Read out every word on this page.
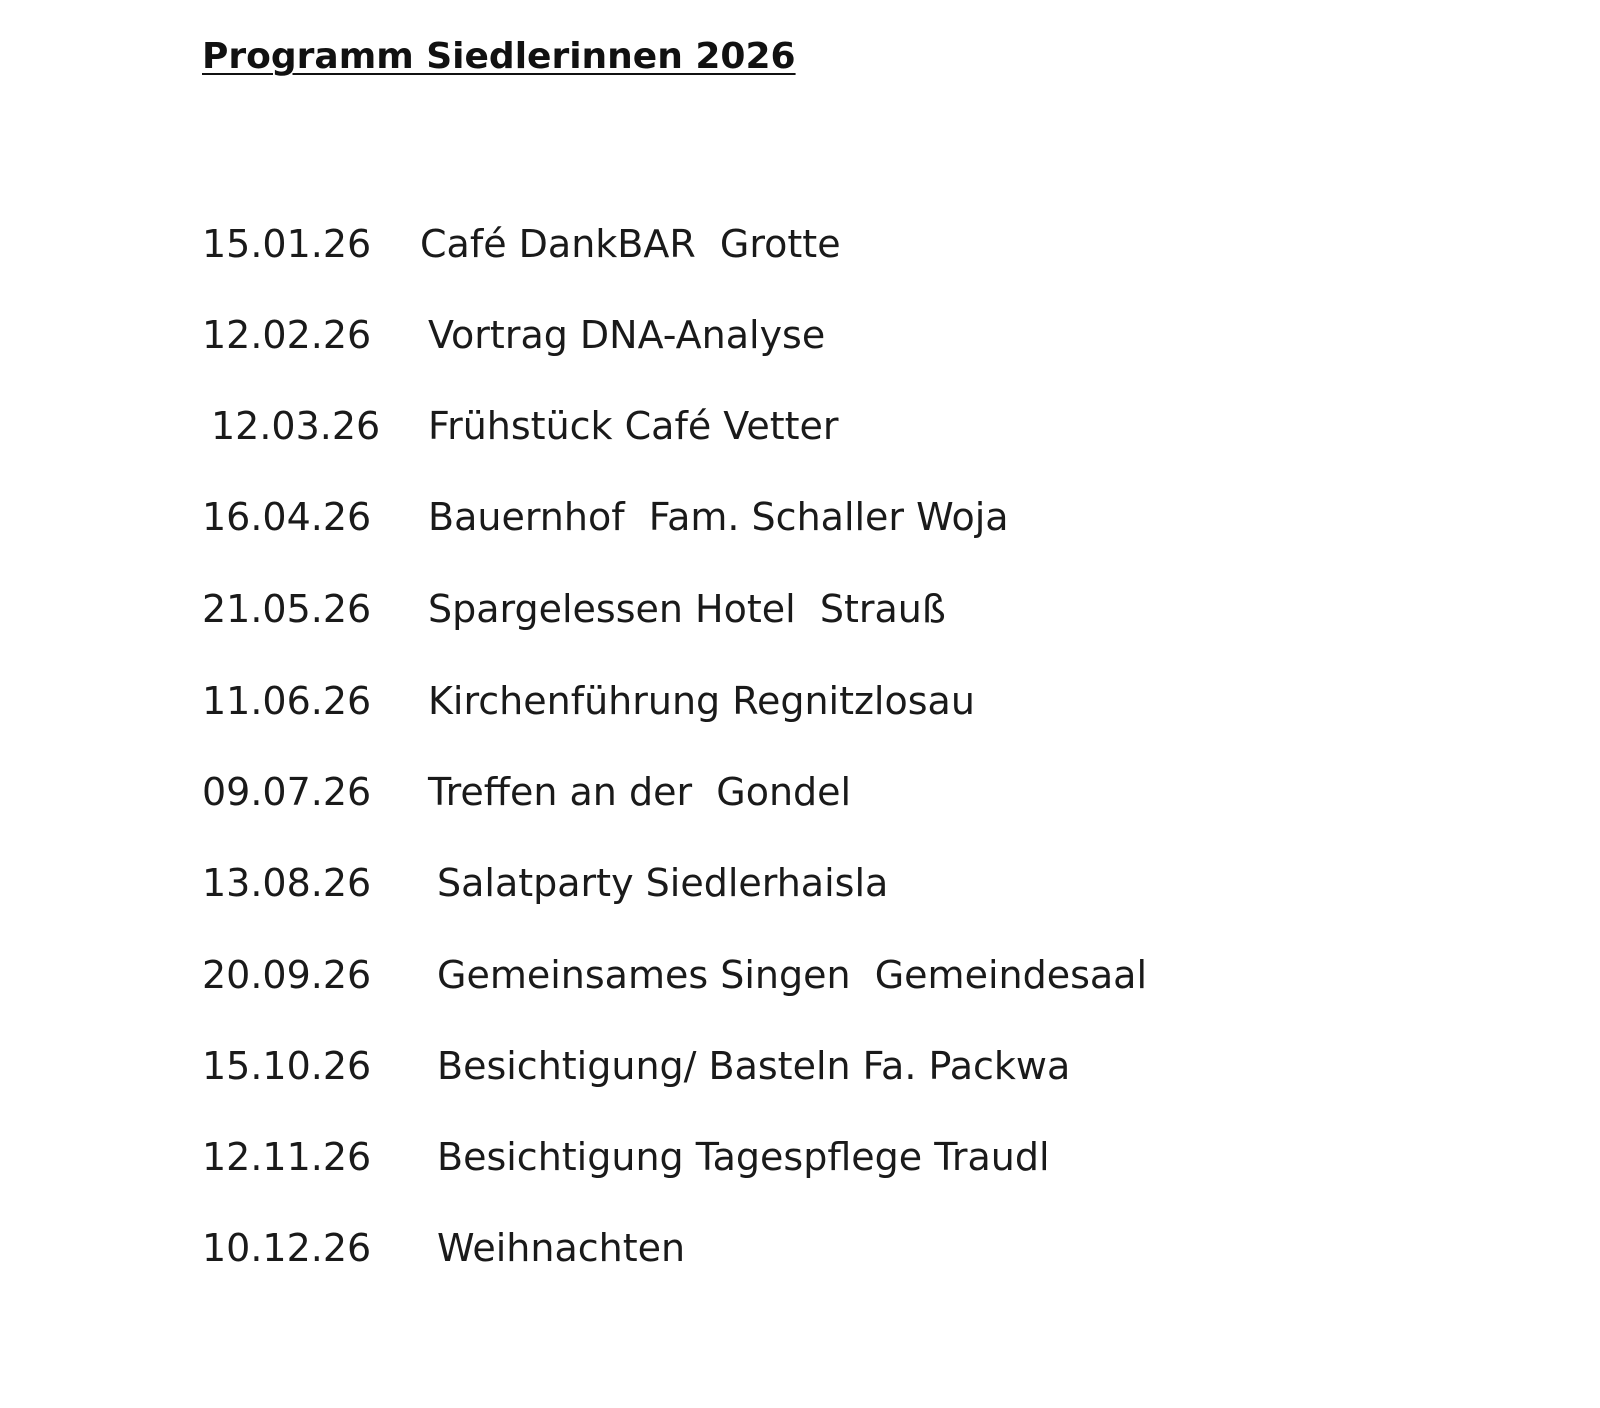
Programm Siedlerinnen 2026
15.01.26 Café DankBAR  Grotte
12.02.26 Vortrag DNA-Analyse
12.03.26 Frühstück Café Vetter
16.04.26 Bauernhof  Fam. Schaller Woja
21.05.26 Spargelessen Hotel  Strauß
11.06.26 Kirchenführung Regnitzlosau
09.07.26 Treffen an der  Gondel
13.08.26 Salatparty Siedlerhaisla
20.09.26 Gemeinsames Singen  Gemeindesaal
15.10.26 Besichtigung/ Basteln Fa. Packwa
12.11.26 Besichtigung Tagespflege Traudl
10.12.26 Weihnachten
